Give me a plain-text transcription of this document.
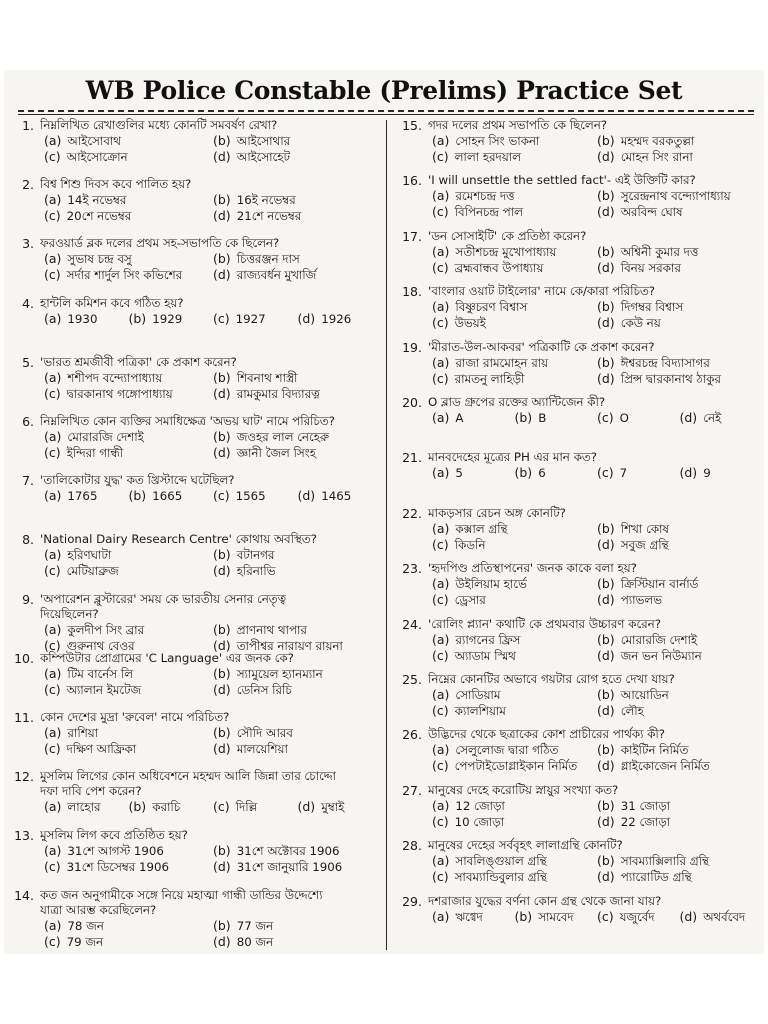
WB Police Constable (Prelims) Practice Set
1. নিম্নলিখিত রেখাগুলির মধ্যে কোনটি সমবর্ষণ রেখা?
(a) আইসোবাথ	(b) আইসোথার
(c) আইসোক্রোন	(d) আইসোহেট
2. বিশ্ব শিশু দিবস কবে পালিত হয়?
(a) 14ই নভেম্বর	(b) 16ই নভেম্বর
(c) 20শে নভেম্বর	(d) 21শে নভেম্বর
3. ফরওয়ার্ড ব্লক দলের প্রথম সহ-সভাপতি কে ছিলেন?
(a) সুভাষ চন্দ্র বসু	(b) চিত্তরঞ্জন দাস
(c) সর্দার শার্দুল সিং কভিশের	(d) রাজ্যবর্ধন মুখার্জি
4. হান্টলি কমিশন কবে গঠিত হয়?
(a) 1930	(b) 1929	(c) 1927	(d) 1926
5. 'ভারত শ্রমজীবী পত্রিকা' কে প্রকাশ করেন?
(a) শশীপদ বন্দ্যোপাধ্যায়	(b) শিবনাথ শাস্ত্রী
(c) দ্বারকানাথ গঙ্গোপাধ্যায়	(d) রামকুমার বিদ্যারত্ন
6. নিম্নলিখিত কোন ব্যক্তির সমাধিক্ষেত্র 'অভয় ঘাট' নামে পরিচিত?
(a) মোরারজি দেশাই	(b) জওহর লাল নেহেরু
(c) ইন্দিরা গান্ধী	(d) জ্ঞানী জৈল সিংহ
7. 'তালিকোটার যুদ্ধ' কত খ্রিস্টাব্দে ঘটেছিল?
(a) 1765	(b) 1665	(c) 1565	(d) 1465
8. 'National Dairy Research Centre' কোথায় অবস্থিত?
(a) হরিণঘাটা	(b) বটানগর
(c) মেটিয়াব্রুজ	(d) হরিনাভি
9. 'অপারেশন ব্লুস্টারের' সময় কে ভারতীয় সেনার নেতৃত্ব
দিয়েছিলেন?
(a) কুলদীপ সিং ব্রার	(b) প্রাণনাথ থাপার
(c) গুরুনাথ বেওর	(d) তাপীশ্বর নারায়ণ রায়না
10. কম্পিউটার প্রোগ্রামের 'C Language' এর জনক কে?
(a) টিম বার্নেস লি	(b) স্যামুয়েল হ্যানম্যান
(c) অ্যালান ইমটেজ	(d) ডেনিস রিচি
11. কোন দেশের মুদ্রা 'রুবেল' নামে পরিচিত?
(a) রাশিয়া	(b) সৌদি আরব
(c) দক্ষিণ আফ্রিকা	(d) মালয়েশিয়া
12. মুসলিম লিগের কোন অধিবেশনে মহম্মদ আলি জিন্না তার চোদ্দো
দফা দাবি পেশ করেন?
(a) লাহোর	(b) করাচি	(c) দিল্লি	(d) মুম্বাই
13. মুসলিম লিগ কবে প্রতিষ্ঠিত হয়?
(a) 31শে আগস্ট 1906	(b) 31শে অক্টোবর 1906
(c) 31শে ডিসেম্বর 1906	(d) 31শে জানুয়ারি 1906
14. কত জন অনুগামীকে সঙ্গে নিয়ে মহাত্মা গান্ধী ডান্ডির উদ্দেশ্যে
যাত্রা আরম্ভ করেছিলেন?
(a) 78 জন	(b) 77 জন
(c) 79 জন	(d) 80 জন
15. গদর দলের প্রথম সভাপতি কে ছিলেন?
(a) সোহন সিং ভাকনা	(b) মহম্মদ বরকতুল্লা
(c) লালা হরদয়াল	(d) মোহন সিং রানা
16. 'I will unsettle the settled fact'- এই উক্তিটি কার?
(a) রমেশচন্দ্র দত্ত	(b) সুরেন্দ্রনাথ বন্দ্যোপাধ্যায়
(c) বিপিনচন্দ্র পাল	(d) অরবিন্দ ঘোষ
17. 'ডন সোসাইটি' কে প্রতিষ্ঠা করেন?
(a) সতীশচন্দ্র মুখোপাধ্যায়	(b) অশ্বিনী কুমার দত্ত
(c) ব্রহ্মবান্ধব উপাধ্যায়	(d) বিনয় সরকার
18. 'বাংলার ওয়াট টাইলোর' নামে কে/কারা পরিচিত?
(a) বিষ্ণুচরণ বিশ্বাস	(b) দিগম্বর বিশ্বাস
(c) উভয়ই	(d) কেউ নয়
19. 'মীরাত-উল-আকবর' পত্রিকাটি কে প্রকাশ করেন?
(a) রাজা রামমোহন রায়	(b) ঈশ্বরচন্দ্র বিদ্যাসাগর
(c) রামতনু লাহিড়ী	(d) প্রিন্স দ্বারকানাথ ঠাকুর
20. O ব্লাড গ্রুপের রক্তের অ্যান্টিজেন কী?
(a) A	(b) B	(c) O	(d) নেই
21. মানবদেহের মূত্রের PH এর মান কত?
(a) 5	(b) 6	(c) 7	(d) 9
22. মাকড়সার রেচন অঙ্গ কোনটি?
(a) কক্সাল গ্রন্থি	(b) শিখা কোষ
(c) কিডনি	(d) সবুজ গ্রন্থি
23. 'হৃদপিণ্ড প্রতিস্থাপনের' জনক কাকে বলা হয়?
(a) উইলিয়াম হার্ভে	(b) ক্রিস্টিয়ান বার্নার্ড
(c) ড্রেসার	(d) প্যাভলভ
24. 'রোলিং প্ল্যান' কথাটি কে প্রথমবার উচ্চারণ করেন?
(a) র‍্যাগনের ফ্রিস	(b) মোরারজি দেশাই
(c) অ্যাডাম স্মিথ	(d) জন ভন নিউম্যান
25. নিম্নের কোনটির অভাবে গয়টার রোগ হতে দেখা যায়?
(a) সোডিয়াম	(b) আয়োডিন
(c) ক্যালশিয়াম	(d) লৌহ
26. উদ্ভিদের থেকে ছত্রাকের কোশ প্রাচীরের পার্থক্য কী?
(a) সেলুলোজ দ্বারা গঠিত	(b) কাইটিন নির্মিত
(c) পেপটাইডোগ্লাইকান নির্মিত	(d) গ্লাইকোজেন নির্মিত
27. মানুষের দেহে করোটিয় স্নায়ুর সংখ্যা কত?
(a) 12 জোড়া	(b) 31 জোড়া
(c) 10 জোড়া	(d) 22 জোড়া
28. মানুষের দেহের সর্ববৃহৎ লালাগ্রন্থি কোনটি?
(a) সাবলিঙ্গুয়াল গ্রন্থি	(b) সাবম্যাক্সিলারি গ্রন্থি
(c) সাবম্যান্ডিবুলার গ্রন্থি	(d) প্যারোটিড গ্রন্থি
29. দশরাজার যুদ্ধের বর্ণনা কোন গ্রন্থ থেকে জানা যায়?
(a) ঋগ্বেদ	(b) সামবেদ	(c) যজুর্বেদ	(d) অথর্ববেদ
